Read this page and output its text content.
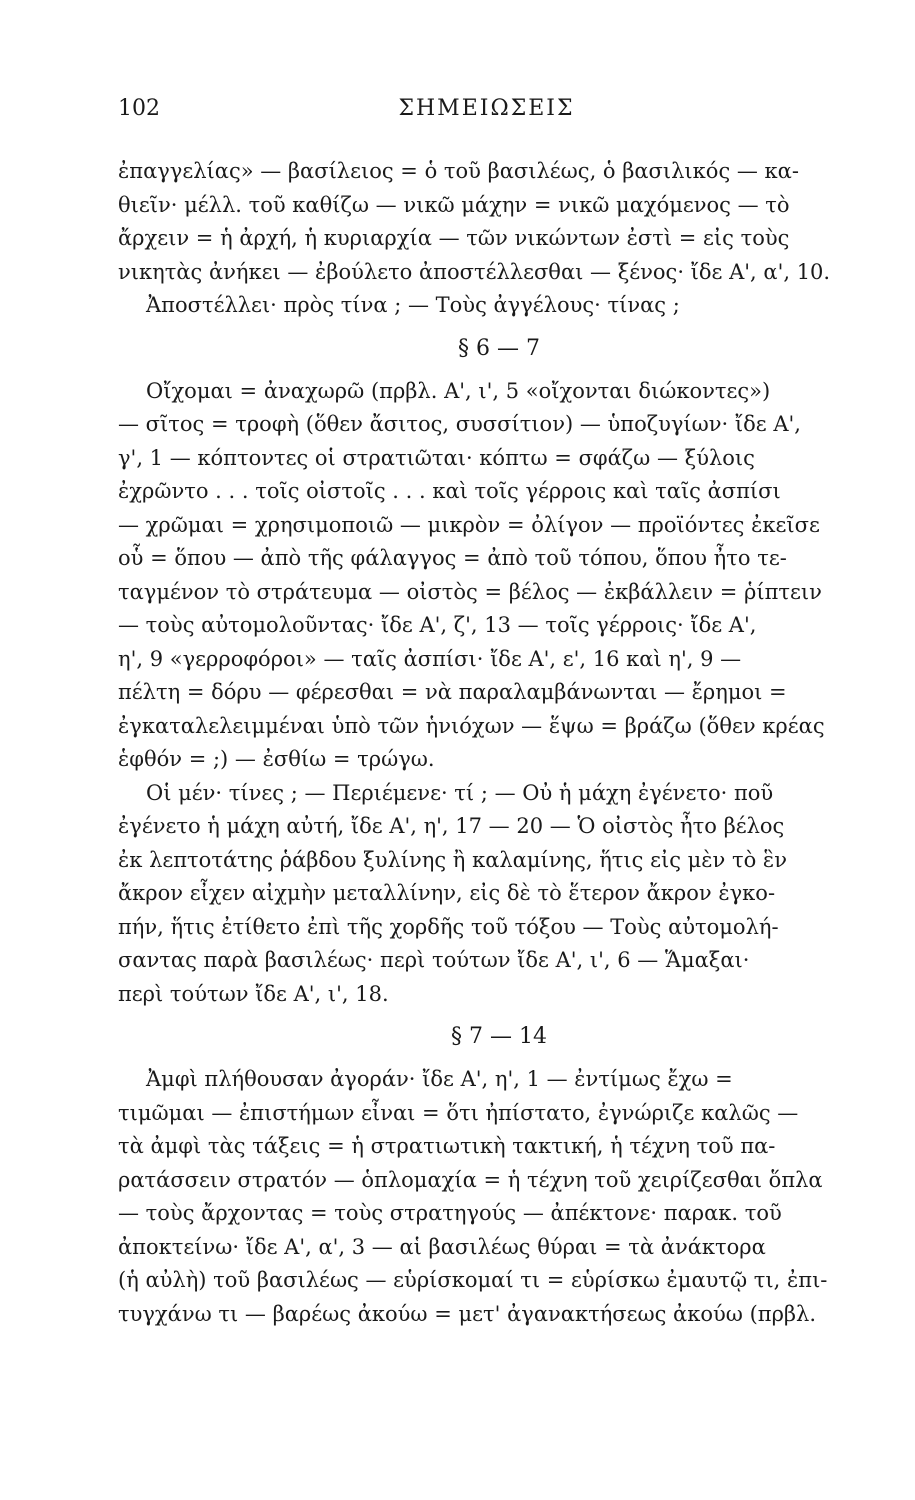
102	ΣΗΜΕΙΩΣΕΙΣ
ἐπαγγελίας» — βασίλειος = ὁ τοῦ βασιλέως, ὁ βασιλικός — κα-
θιεῖν· μέλλ. τοῦ καθίζω — νικῶ μάχην = νικῶ μαχόμενος — τὸ
ἄρχειν = ἡ ἀρχή, ἡ κυριαρχία — τῶν νικώντων ἐστὶ = εἰς τοὺς
νικητὰς ἀνήκει — ἐβούλετο ἀποστέλλεσθαι — ξένος· ἴδε Α', α', 10.
Ἀποστέλλει· πρὸς τίνα ; — Τοὺς ἀγγέλους· τίνας ;
§ 6 — 7
Οἴχομαι = ἀναχωρῶ (πρβλ. Α', ι', 5 «οἴχονται διώκοντες»)
— σῖτος = τροφὴ (ὅθεν ἄσιτος, συσσίτιον) — ὑποζυγίων· ἴδε Α',
γ', 1 — κόπτοντες οἱ στρατιῶται· κόπτω = σφάζω — ξύλοις
ἐχρῶντο . . . τοῖς οἰστοῖς . . . καὶ τοῖς γέρροις καὶ ταῖς ἀσπίσι
— χρῶμαι = χρησιμοποιῶ — μικρὸν = ὀλίγον — προϊόντες ἐκεῖσε
οὗ = ὅπου — ἀπὸ τῆς φάλαγγος = ἀπὸ τοῦ τόπου, ὅπου ἦτο τε-
ταγμένον τὸ στράτευμα — οἰστὸς = βέλος — ἐκβάλλειν = ῥίπτειν
— τοὺς αὐτομολοῦντας· ἴδε Α', ζ', 13 — τοῖς γέρροις· ἴδε Α',
η', 9 «γερροφόροι» — ταῖς ἀσπίσι· ἴδε Α', ε', 16 καὶ η', 9 —
πέλτη = δόρυ — φέρεσθαι = νὰ παραλαμβάνωνται — ἔρημοι =
ἐγκαταλελειμμέναι ὑπὸ τῶν ἡνιόχων — ἕψω = βράζω (ὅθεν κρέας
ἑφθόν = ;) — ἐσθίω = τρώγω.
Οἱ μέν· τίνες ; — Περιέμενε· τί ; — Οὐ ἡ μάχη ἐγένετο· ποῦ
ἐγένετο ἡ μάχη αὐτή, ἴδε Α', η', 17 — 20 — Ὁ οἰστὸς ἦτο βέλος
ἐκ λεπτοτάτης ῥάβδου ξυλίνης ἢ καλαμίνης, ἥτις εἰς μὲν τὸ ἓν
ἄκρον εἶχεν αἰχμὴν μεταλλίνην, εἰς δὲ τὸ ἕτερον ἄκρον ἐγκο-
πήν, ἥτις ἐτίθετο ἐπὶ τῆς χορδῆς τοῦ τόξου — Τοὺς αὐτομολή-
σαντας παρὰ βασιλέως· περὶ τούτων ἴδε Α', ι', 6 — Ἅμαξαι·
περὶ τούτων ἴδε Α', ι', 18.
§ 7 — 14
Ἀμφὶ πλήθουσαν ἀγοράν· ἴδε Α', η', 1 — ἐντίμως ἔχω =
τιμῶμαι — ἐπιστήμων εἶναι = ὅτι ἠπίστατο, ἐγνώριζε καλῶς —
τὰ ἀμφὶ τὰς τάξεις = ἡ στρατιωτικὴ τακτική, ἡ τέχνη τοῦ πα-
ρατάσσειν στρατόν — ὁπλομαχία = ἡ τέχνη τοῦ χειρίζεσθαι ὅπλα
— τοὺς ἄρχοντας = τοὺς στρατηγούς — ἀπέκτονε· παρακ. τοῦ
ἀποκτείνω· ἴδε Α', α', 3 — αἱ βασιλέως θύραι = τὰ ἀνάκτορα
(ἡ αὐλὴ) τοῦ βασιλέως — εὑρίσκομαί τι = εὑρίσκω ἐμαυτῷ τι, ἐπι-
τυγχάνω τι — βαρέως ἀκούω = μετ' ἀγανακτήσεως ἀκούω (πρβλ.
